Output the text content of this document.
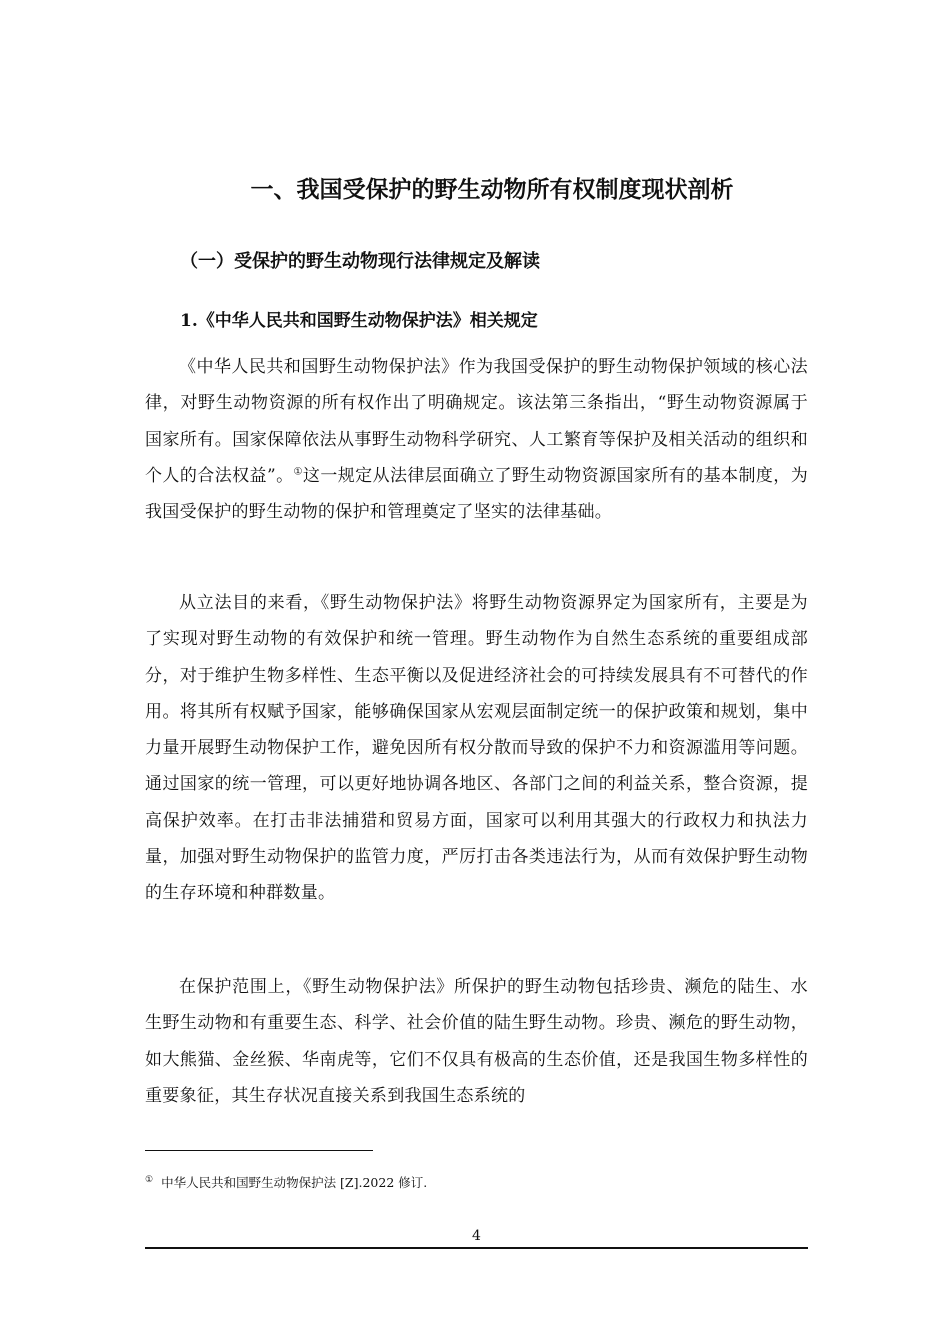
一、我国受保护的野生动物所有权制度现状剖析
（一）受保护的野生动物现行法律规定及解读
1.《中华人民共和国野生动物保护法》相关规定

《中华人民共和国野生动物保护法》作为我国受保护的野生动物保护领域的核心法律，对野生动物资源的所有权作出了明确规定。该法第三条指出，“野生动物资源属于国家所有。国家保障依法从事野生动物科学研究、人工繁育等保护及相关活动的组织和个人的合法权益”。①这一规定从法律层面确立了野生动物资源国家所有的基本制度，为我国受保护的野生动物的保护和管理奠定了坚实的法律基础。

从立法目的来看，《野生动物保护法》将野生动物资源界定为国家所有，主要是为了实现对野生动物的有效保护和统一管理。野生动物作为自然生态系统的重要组成部分，对于维护生物多样性、生态平衡以及促进经济社会的可持续发展具有不可替代的作用。将其所有权赋予国家，能够确保国家从宏观层面制定统一的保护政策和规划，集中力量开展野生动物保护工作，避免因所有权分散而导致的保护不力和资源滥用等问题。通过国家的统一管理，可以更好地协调各地区、各部门之间的利益关系，整合资源，提高保护效率。在打击非法捕猎和贸易方面，国家可以利用其强大的行政权力和执法力量，加强对野生动物保护的监管力度，严厉打击各类违法行为，从而有效保护野生动物的生存环境和种群数量。

在保护范围上，《野生动物保护法》所保护的野生动物包括珍贵、濒危的陆生、水生野生动物和有重要生态、科学、社会价值的陆生野生动物。珍贵、濒危的野生动物，如大熊猫、金丝猴、华南虎等，它们不仅具有极高的生态价值，还是我国生物多样性的重要象征，其生存状况直接关系到我国生态系统的

① 中华人民共和国野生动物保护法 [Z].2022 修订.

4
